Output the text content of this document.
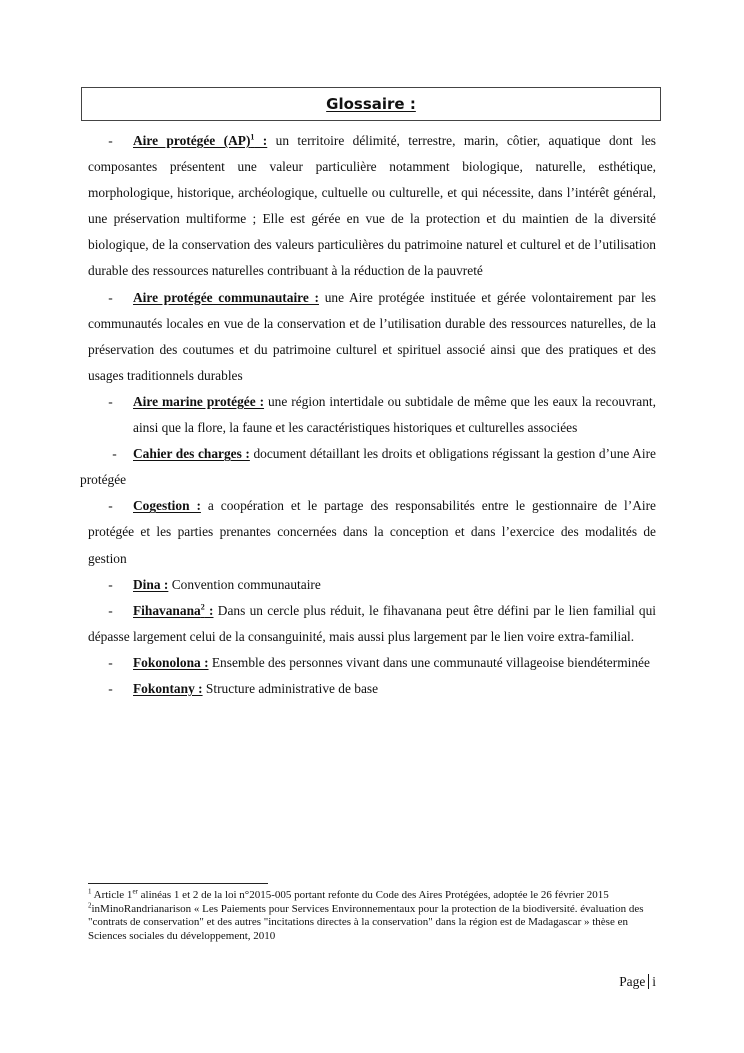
Glossaire :
- Aire protégée (AP)$^1$ : un territoire délimité, terrestre, marin, côtier, aquatique dont les composantes présentent une valeur particulière notamment biologique, naturelle, esthétique, morphologique, historique, archéologique, cultuelle ou culturelle, et qui nécessite, dans l’intérêt général, une préservation multiforme ; Elle est gérée en vue de la protection et du maintien de la diversité biologique, de la conservation des valeurs particulières du patrimoine naturel et culturel et de l’utilisation durable des ressources naturelles contribuant à la réduction de la pauvreté
- Aire protégée communautaire : une Aire protégée instituée et gérée volontairement par les communautés locales en vue de la conservation et de l’utilisation durable des ressources naturelles, de la préservation des coutumes et du patrimoine culturel et spirituel associé ainsi que des pratiques et des usages traditionnels durables
-	Aire marine protégée : une région intertidale ou subtidale de même que les eaux la recouvrant, ainsi que la flore, la faune et les caractéristiques historiques et culturelles associées
- Cahier des charges : document détaillant les droits et obligations régissant la gestion d’une Aire protégée
- Cogestion : a coopération et le partage des responsabilités entre le gestionnaire de l’Aire protégée et les parties prenantes concernées dans la conception et dans l’exercice des modalités de gestion
- Dina : Convention communautaire
- Fihavanana$^2$ : Dans un cercle plus réduit, le fihavanana peut être défini par le lien familial qui dépasse largement celui de la consanguinité, mais aussi plus largement par le lien voire extra-familial.
- Fokonolona : Ensemble des personnes vivant dans une communauté villageoise biendéterminée
- Fokontany : Structure administrative de base
$^1$ Article 1er alinéas 1 et 2 de la loi n°2015-005 portant refonte du Code des Aires Protégées, adoptée le 26 février 2015
$^2$inMinoRandrianarison « Les Paiements pour Services Environnementaux pour la protection de la biodiversité. évaluation des "contrats de conservation" et des autres "incitations directes à la conservation" dans la région est de Madagascar » thèse en Sciences sociales du développement, 2010
Page i
